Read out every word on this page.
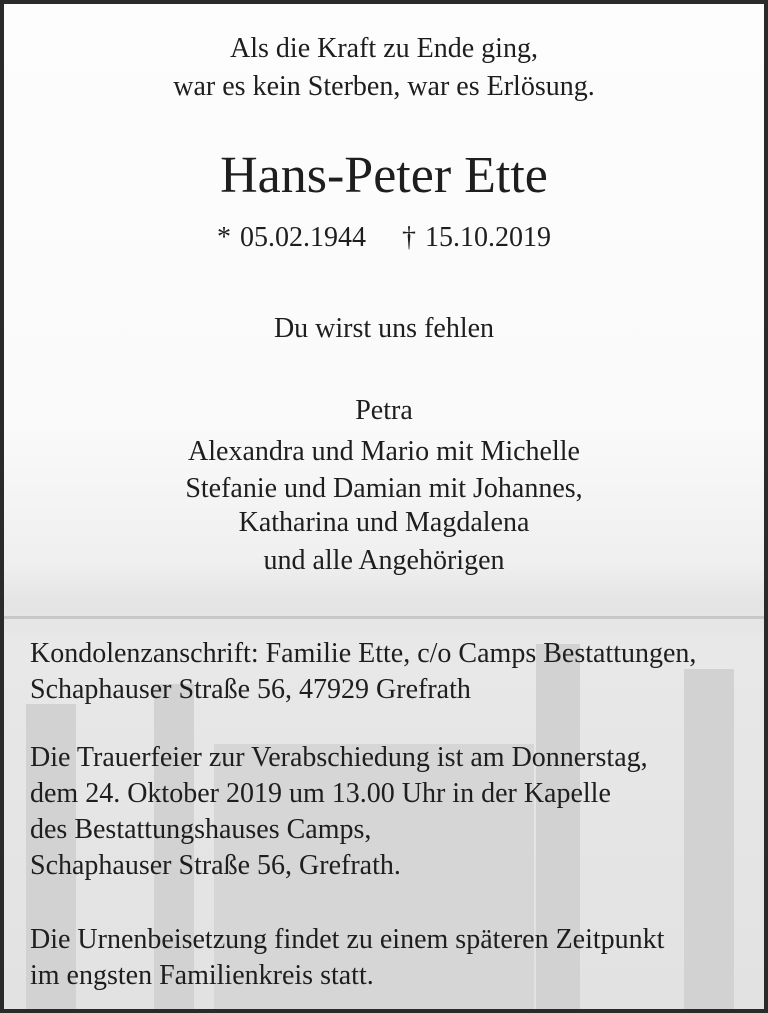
Als die Kraft zu Ende ging,
war es kein Sterben, war es Erlösung.
Hans-Peter Ette
* 05.02.1944 † 15.10.2019
Du wirst uns fehlen
Petra
Alexandra und Mario mit Michelle
Stefanie und Damian mit Johannes,
Katharina und Magdalena
und alle Angehörigen
Kondolenzanschrift: Familie Ette, c/o Camps Bestattungen,
Schaphauser Straße 56, 47929 Grefrath
Die Trauerfeier zur Verabschiedung ist am Donnerstag,
dem 24. Oktober 2019 um 13.00 Uhr in der Kapelle
des Bestattungshauses Camps,
Schaphauser Straße 56, Grefrath.
Die Urnenbeisetzung findet zu einem späteren Zeitpunkt
im engsten Familienkreis statt.
